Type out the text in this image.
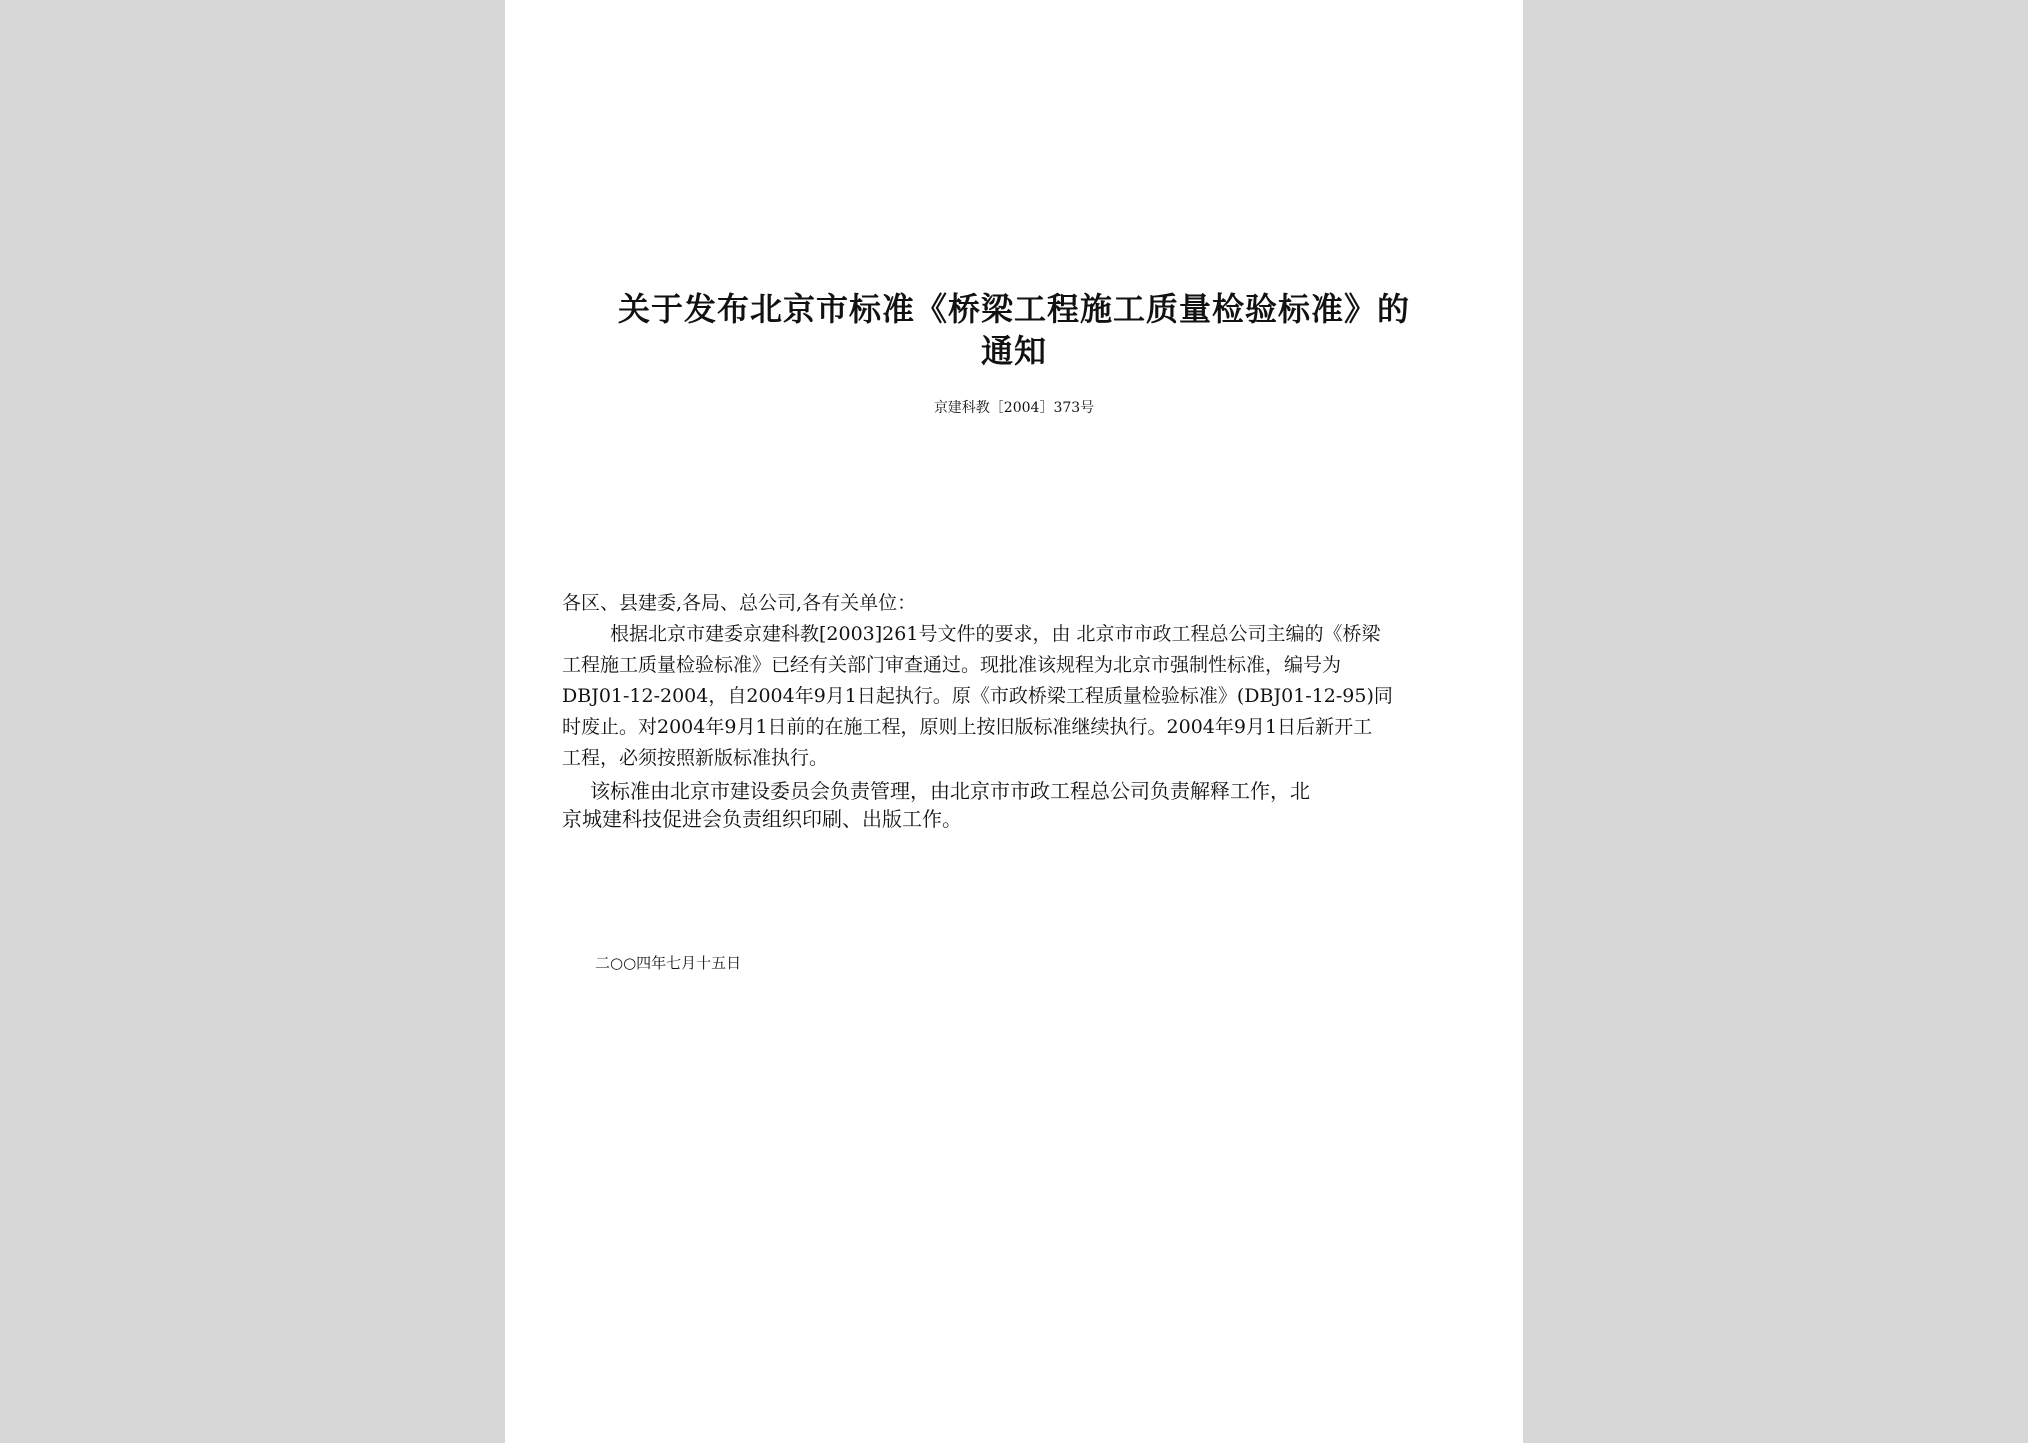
关于发布北京市标准《桥梁工程施工质量检验标准》的
通知
京建科教［2004］373号
各区、县建委,各局、总公司,各有关单位：
根据北京市建委京建科教[2003]261号文件的要求，由 北京市市政工程总公司主编的《桥梁
工程施工质量检验标准》已经有关部门审查通过。现批准该规程为北京市强制性标准，编号为
DBJ01-12-2004，自2004年9月1日起执行。原《市政桥梁工程质量检验标准》(DBJ01-12-95)同
时废止。对2004年9月1日前的在施工程，原则上按旧版标准继续执行。2004年9月1日后新开工
工程，必须按照新版标准执行。
该标准由北京市建设委员会负责管理，由北京市市政工程总公司负责解释工作，北
京城建科技促进会负责组织印刷、出版工作。
二○○四年七月十五日
